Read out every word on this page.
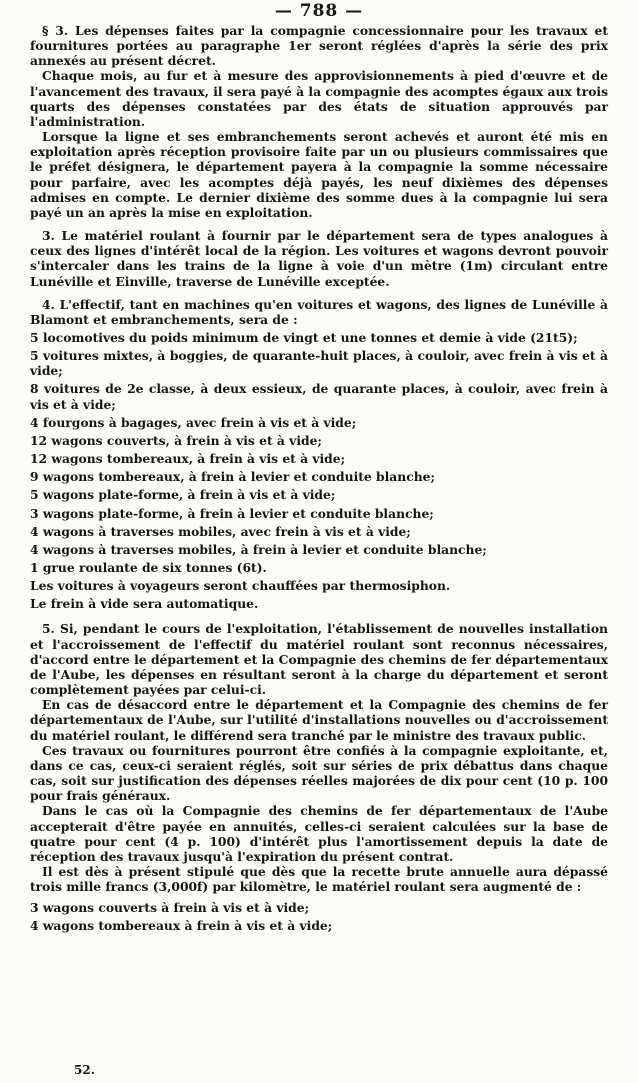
— 788 —

§ 3. Les dépenses faites par la compagnie concessionnaire pour les travaux et fournitures portées au paragraphe 1er seront réglées d'après la série des prix annexés au présent décret.

Chaque mois, au fur et à mesure des approvisionnements à pied d'œuvre et de l'avancement des travaux, il sera payé à la compagnie des acomptes égaux aux trois quarts des dépenses constatées par des états de situation approuvés par l'administration.

Lorsque la ligne et ses embranchements seront achevés et auront été mis en exploitation après réception provisoire faite par un ou plusieurs commissaires que le préfet désignera, le département payera à la compagnie la somme nécessaire pour parfaire, avec les acomptes déjà payés, les neuf dixièmes des dépenses admises en compte. Le dernier dixième des somme dues à la compagnie lui sera payé un an après la mise en exploitation.

3. Le matériel roulant à fournir par le département sera de types analogues à ceux des lignes d'intérêt local de la région. Les voitures et wagons devront pouvoir s'intercaler dans les trains de la ligne à voie d'un mètre (1m) circulant entre Lunéville et Einville, traverse de Lunéville exceptée.

4. L'effectif, tant en machines qu'en voitures et wagons, des lignes de Lunéville à Blamont et embranchements, sera de :

5 locomotives du poids minimum de vingt et une tonnes et demie à vide (21t5);

5 voitures mixtes, à boggies, de quarante-huit places, à couloir, avec frein à vis et à vide;

8 voitures de 2e classe, à deux essieux, de quarante places, à couloir, avec frein à vis et à vide;

4 fourgons à bagages, avec frein à vis et à vide;

12 wagons couverts, à frein à vis et à vide;

12 wagons tombereaux, à frein à vis et à vide;

9 wagons tombereaux, à frein à levier et conduite blanche;

5 wagons plate-forme, à frein à vis et à vide;

3 wagons plate-forme, à frein à levier et conduite blanche;

4 wagons à traverses mobiles, avec frein à vis et à vide;

4 wagons à traverses mobiles, à frein à levier et conduite blanche;

1 grue roulante de six tonnes (6t).

Les voitures à voyageurs seront chauffées par thermosiphon.

Le frein à vide sera automatique.

5. Si, pendant le cours de l'exploitation, l'établissement de nouvelles installation et l'accroissement de l'effectif du matériel roulant sont reconnus nécessaires, d'accord entre le département et la Compagnie des chemins de fer départementaux de l'Aube, les dépenses en résultant seront à la charge du département et seront complètement payées par celui-ci.

En cas de désaccord entre le département et la Compagnie des chemins de fer départementaux de l'Aube, sur l'utilité d'installations nouvelles ou d'accroissement du matériel roulant, le différend sera tranché par le ministre des travaux public.

Ces travaux ou fournitures pourront être confiés à la compagnie exploitante, et, dans ce cas, ceux-ci seraient réglés, soit sur séries de prix débattus dans chaque cas, soit sur justification des dépenses réelles majorées de dix pour cent (10 p. 100 pour frais généraux.

Dans le cas où la Compagnie des chemins de fer départementaux de l'Aube accepterait d'être payée en annuités, celles-ci seraient calculées sur la base de quatre pour cent (4 p. 100) d'intérêt plus l'amortissement depuis la date de réception des travaux jusqu'à l'expiration du présent contrat.

Il est dès à présent stipulé que dès que la recette brute annuelle aura dépassé trois mille francs (3,000f) par kilomètre, le matériel roulant sera augmenté de :

3 wagons couverts à frein à vis et à vide;

4 wagons tombereaux à frein à vis et à vide;

52.
